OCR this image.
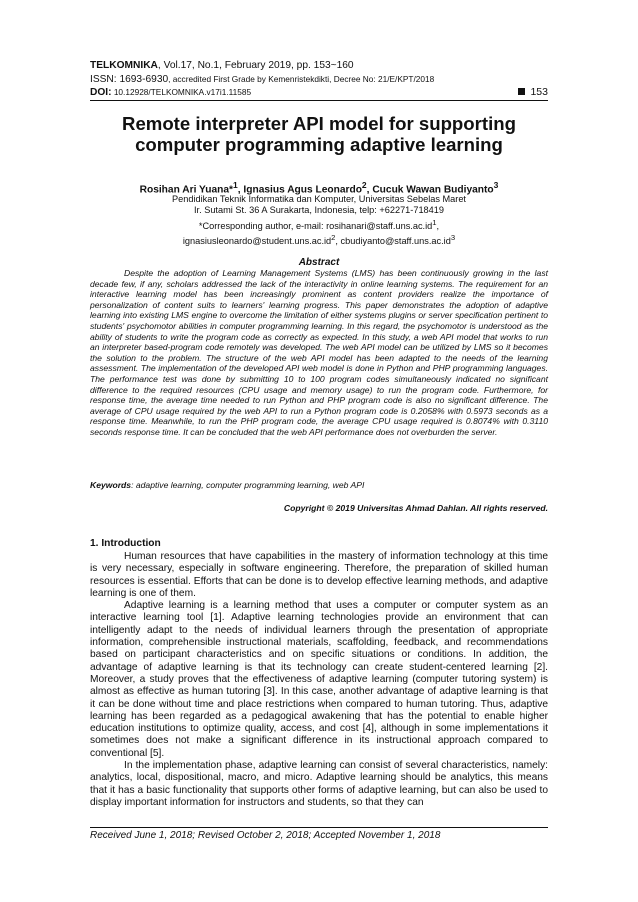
TELKOMNIKA, Vol.17, No.1, February 2019, pp. 153~160
ISSN: 1693-6930, accredited First Grade by Kemenristekdikti, Decree No: 21/E/KPT/2018
DOI: 10.12928/TELKOMNIKA.v17i1.11585	153
Remote interpreter API model for supporting computer programming adaptive learning
Rosihan Ari Yuana*$^1$, Ignasius Agus Leonardo$^2$, Cucuk Wawan Budiyanto$^3$
Pendidikan Teknik Informatika dan Komputer, Universitas Sebelas Maret
Ir. Sutami St. 36 A Surakarta, Indonesia, telp: +62271-718419
*Corresponding author, e-mail: $rosihanari@staff.uns.ac.id^1$,
$ignasiusleonardo@student.uns.ac.id^2$, $cbudiyanto@staff.uns.ac.id^3$
Abstract
Despite the adoption of Learning Management Systems (LMS) has been continuously growing in the last decade few, if any, scholars addressed the lack of the interactivity in online learning systems. The requirement for an interactive learning model has been increasingly prominent as content providers realize the importance of personalization of content suits to learners' learning progress. This paper demonstrates the adoption of adaptive learning into existing LMS engine to overcome the limitation of either systems plugins or server specification pertinent to students' psychomotor abilities in computer programming learning. In this regard, the psychomotor is understood as the ability of students to write the program code as correctly as expected. In this study, a web API model that works to run an interpreter based-program code remotely was developed. The web API model can be utilized by LMS so it becomes the solution to the problem. The structure of the web API model has been adapted to the needs of the learning assessment. The implementation of the developed API web model is done in Python and PHP programming languages. The performance test was done by submitting 10 to 100 program codes simultaneously indicated no significant difference to the required resources (CPU usage and memory usage) to run the program code. Furthermore, for response time, the average time needed to run Python and PHP program code is also no significant difference. The average of CPU usage required by the web API to run a Python program code is 0.2058% with 0.5973 seconds as a response time. Meanwhile, to run the PHP program code, the average CPU usage required is 0.8074% with 0.3110 seconds response time. It can be concluded that the web API performance does not overburden the server.
Keywords: adaptive learning, computer programming learning, web API
Copyright © 2019 Universitas Ahmad Dahlan. All rights reserved.
1. Introduction

Human resources that have capabilities in the mastery of information technology at this time is very necessary, especially in software engineering. Therefore, the preparation of skilled human resources is essential. Efforts that can be done is to develop effective learning methods, and adaptive learning is one of them.

Adaptive learning is a learning method that uses a computer or computer system as an interactive learning tool [1]. Adaptive learning technologies provide an environment that can intelligently adapt to the needs of individual learners through the presentation of appropriate information, comprehensible instructional materials, scaffolding, feedback, and recommendations based on participant characteristics and on specific situations or conditions. In addition, the advantage of adaptive learning is that its technology can create student-centered learning [2]. Moreover, a study proves that the effectiveness of adaptive learning (computer tutoring system) is almost as effective as human tutoring [3]. In this case, another advantage of adaptive learning is that it can be done without time and place restrictions when compared to human tutoring. Thus, adaptive learning has been regarded as a pedagogical awakening that has the potential to enable higher education institutions to optimize quality, access, and cost [4], although in some implementations it sometimes does not make a significant difference in its instructional approach compared to conventional [5].

In the implementation phase, adaptive learning can consist of several characteristics, namely: analytics, local, dispositional, macro, and micro. Adaptive learning should be analytics, this means that it has a basic functionality that supports other forms of adaptive learning, but can also be used to display important information for instructors and students, so that they can

Received June 1, 2018; Revised October 2, 2018; Accepted November 1, 2018
